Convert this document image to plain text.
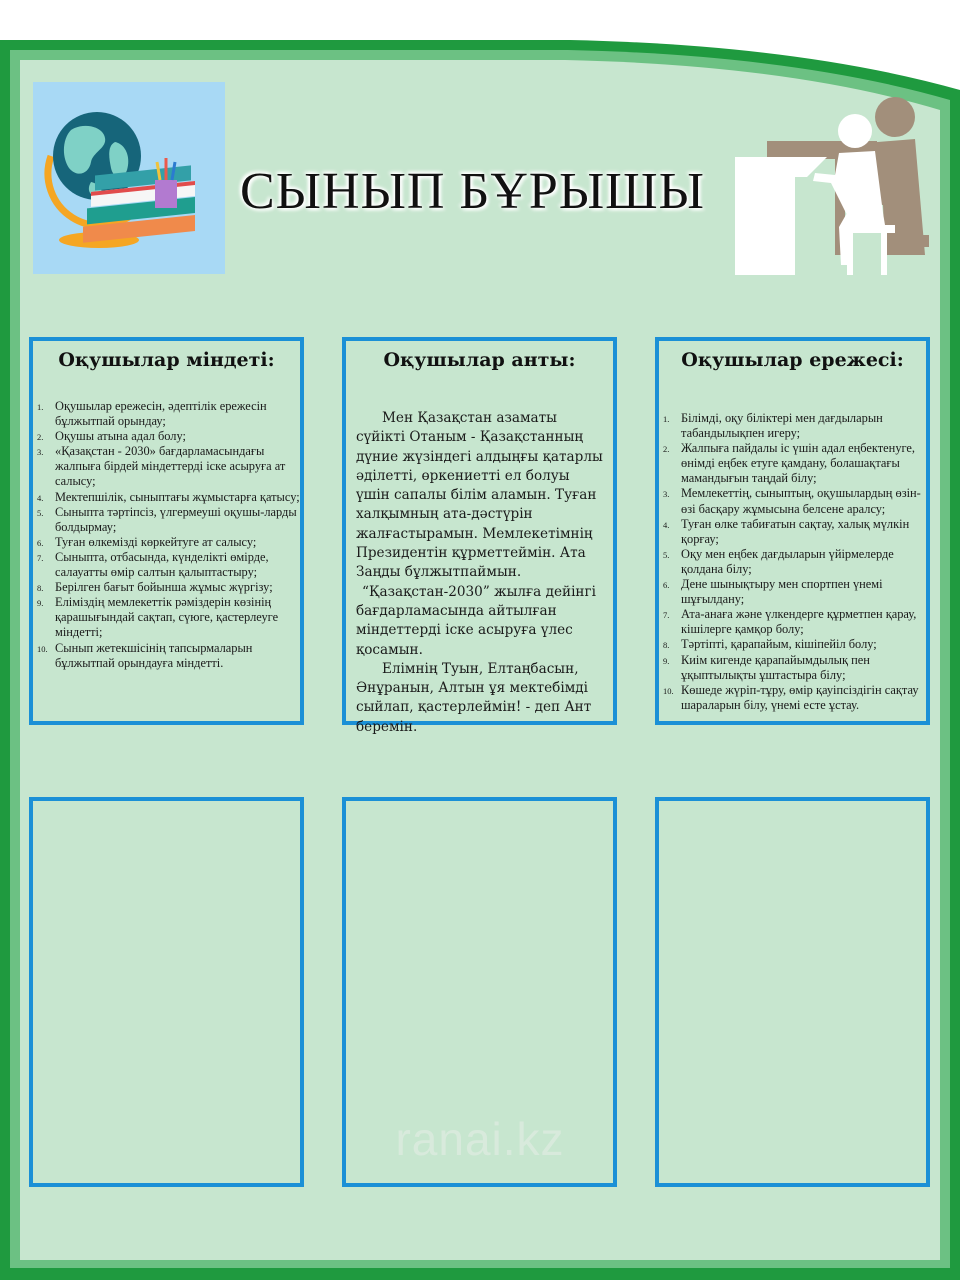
СЫНЫП БҰРЫШЫ
Оқушылар міндеті:
1. Оқушылар ережесін, әдептілік ережесін бұлжытпай орындау;
2. Оқушы атына адал болу;
3. «Қазақстан - 2030» бағдарламасындағы жалпыға бірдей міндеттерді іске асыруға ат салысу;
4. Мектепшілік, сыныптағы жұмыстарға қатысу;
5. Сыныпта тәртіпсіз, үлгермеуші оқушы-ларды болдырмау;
6. Туған өлкемізді көркейтуге ат салысу;
7. Сыныпта, отбасында, күнделікті өмірде, салауатты өмір салтын қалыптастыру;
8. Берілген бағыт бойынша жұмыс жүргізу;
9. Еліміздің мемлекеттік рәміздерін көзінің қарашығындай сақтап, сүюге, қастерлеуге міндетті;
10. Сынып жетекшісінің тапсырмаларын бұлжытпай орындауға міндетті.
Оқушылар анты:

Мен Қазақстан азаматы сүйікті Отаным - Қазақстанның дүние жүзіндегі алдыңғы қатарлы әділетті, өркениетті ел болуы үшін сапалы білім аламын. Туған халқымның ата-дәстүрін жалғастырамын. Мемлекетімнің Президентін құрметтеймін. Ата Заңды бұлжытпаймын.

“Қазақстан-2030” жылға дейінгі бағдарламасында айтылған міндеттерді іске асыруға үлес қосамын.

Елімнің Туын, Елтаңбасын, Әнұранын, Алтын ұя мектебімді сыйлап, қастерлеймін! - деп Ант беремін.

Оқушылар ережесі:
1. Білімді, оқу біліктері мен дағдыларын табандылықпен игеру;
2. Жалпыға пайдалы іс үшін адал еңбектенуге, өнімді еңбек етуге қамдану, болашақтағы мамандығын таңдай білу;
3. Мемлекеттің, сыныптың, оқушылардың өзін-өзі басқару жұмысына белсене аралсу;
4. Туған өлке табиғатын сақтау, халық мүлкін қорғау;
5. Оқу мен еңбек дағдыларын үйірмелерде қолдана білу;
6. Дене шынықтыру мен спортпен үнемі шұғылдану;
7. Ата-анаға және үлкендерге құрметпен қарау, кішілерге қамқор болу;
8. Тәртіпті, қарапайым, кішіпейіл болу;
9. Киім кигенде қарапайымдылық пен ұқыптылықты ұштастыра білу;
10. Көшеде жүріп-тұру, өмір қауіпсіздігін сақтау шараларын білу, үнемі есте ұстау.
ranai.kz
